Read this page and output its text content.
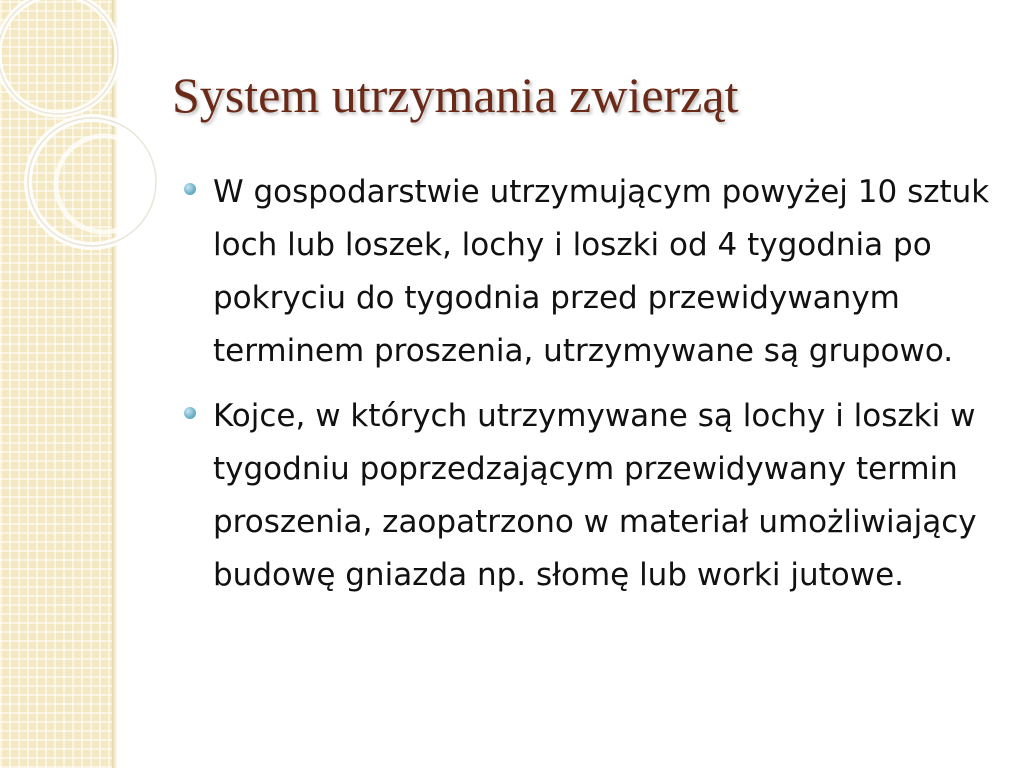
System utrzymania zwierząt
W gospodarstwie utrzymującym powyżej 10 sztuk loch lub loszek, lochy i loszki od 4 tygodnia po pokryciu do tygodnia przed przewidywanym terminem proszenia, utrzymywane są grupowo.
Kojce, w których utrzymywane są lochy i loszki w tygodniu poprzedzającym przewidywany termin proszenia, zaopatrzono w materiał umożliwiający budowę gniazda np. słomę lub worki jutowe.
